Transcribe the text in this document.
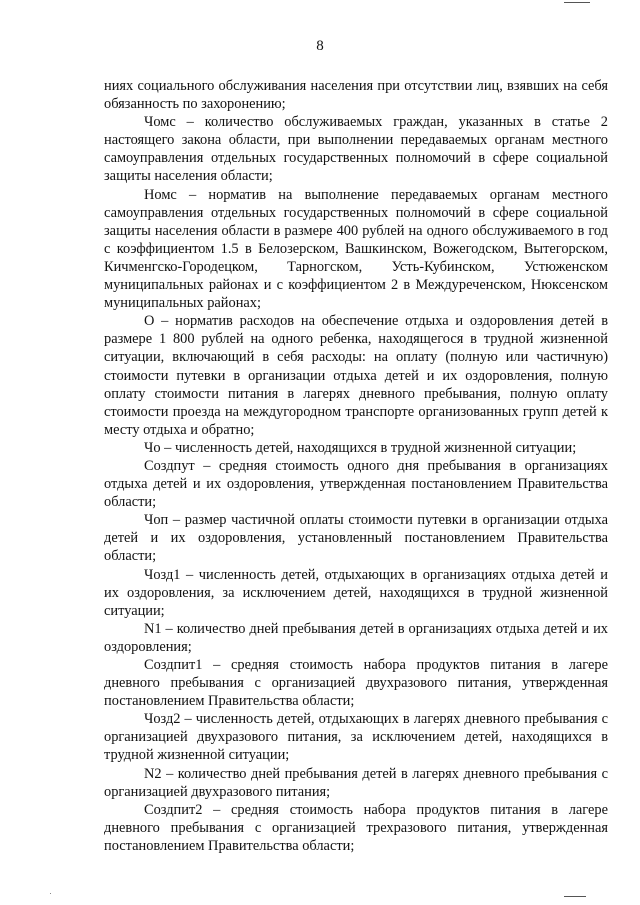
8

ниях социального обслуживания населения при отсутствии лиц, взявших на себя обязанность по захоронению;

Чомс – количество обслуживаемых граждан, указанных в статье 2 настоящего закона области, при выполнении передаваемых органам местного самоуправления отдельных государственных полномочий в сфере социальной защиты населения области;

Номс – норматив на выполнение передаваемых органам местного самоуправления отдельных государственных полномочий в сфере социальной защиты населения области в размере 400 рублей на одного обслуживаемого в год с коэффициентом 1.5 в Белозерском, Вашкинском, Вожегодском, Вытегорском, Кичменгско-Городецком, Тарногском, Усть-Кубинском, Устюженском муниципальных районах и с коэффициентом 2 в Междуреченском, Нюксенском муниципальных районах;

О – норматив расходов на обеспечение отдыха и оздоровления детей в размере 1 800 рублей на одного ребенка, находящегося в трудной жизненной ситуации, включающий в себя расходы: на оплату (полную или частичную) стоимости путевки в организации отдыха детей и их оздоровления, полную оплату стоимости питания в лагерях дневного пребывания, полную оплату стоимости проезда на междугородном транспорте организованных групп детей к месту отдыха и обратно;

Чо – численность детей, находящихся в трудной жизненной ситуации;

Создпут – средняя стоимость одного дня пребывания в организациях отдыха детей и их оздоровления, утвержденная постановлением Правительства области;

Чоп – размер частичной оплаты стоимости путевки в организации отдыха детей и их оздоровления, установленный постановлением Правительства области;

Чозд1 – численность детей, отдыхающих в организациях отдыха детей и их оздоровления, за исключением детей, находящихся в трудной жизненной ситуации;

N1 – количество дней пребывания детей в организациях отдыха детей и их оздоровления;

Создпит1 – средняя стоимость набора продуктов питания в лагере дневного пребывания с организацией двухразового питания, утвержденная постановлением Правительства области;

Чозд2 – численность детей, отдыхающих в лагерях дневного пребывания с организацией двухразового питания, за исключением детей, находящихся в трудной жизненной ситуации;

N2 – количество дней пребывания детей в лагерях дневного пребывания с организацией двухразового питания;

Создпит2 – средняя стоимость набора продуктов питания в лагере дневного пребывания с организацией трехразового питания, утвержденная постановлением Правительства области;
